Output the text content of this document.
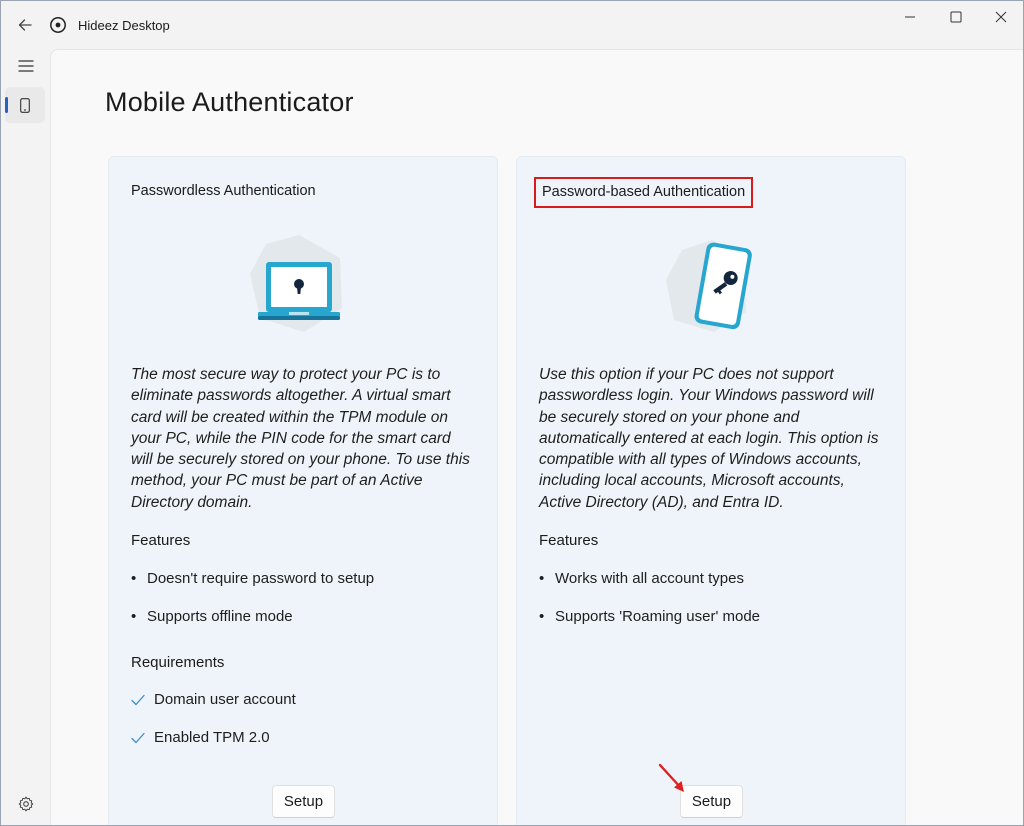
Hideez Desktop
Mobile Authenticator
Passwordless Authentication

The most secure way to protect your PC is to eliminate passwords altogether. A virtual smart card will be created within the TPM module on your PC, while the PIN code for the smart card will be securely stored on your phone. To use this method, your PC must be part of an Active Directory domain.

Features
• Doesn't require password to setup
• Supports offline mode
Requirements
Domain user account
Enabled TPM 2.0
Setup
Password-based Authentication

Use this option if your PC does not support passwordless login. Your Windows password will be securely stored on your phone and automatically entered at each login. This option is compatible with all types of Windows accounts, including local accounts, Microsoft accounts, Active Directory (AD), and Entra ID.

Features
• Works with all account types
• Supports 'Roaming user' mode
Setup
